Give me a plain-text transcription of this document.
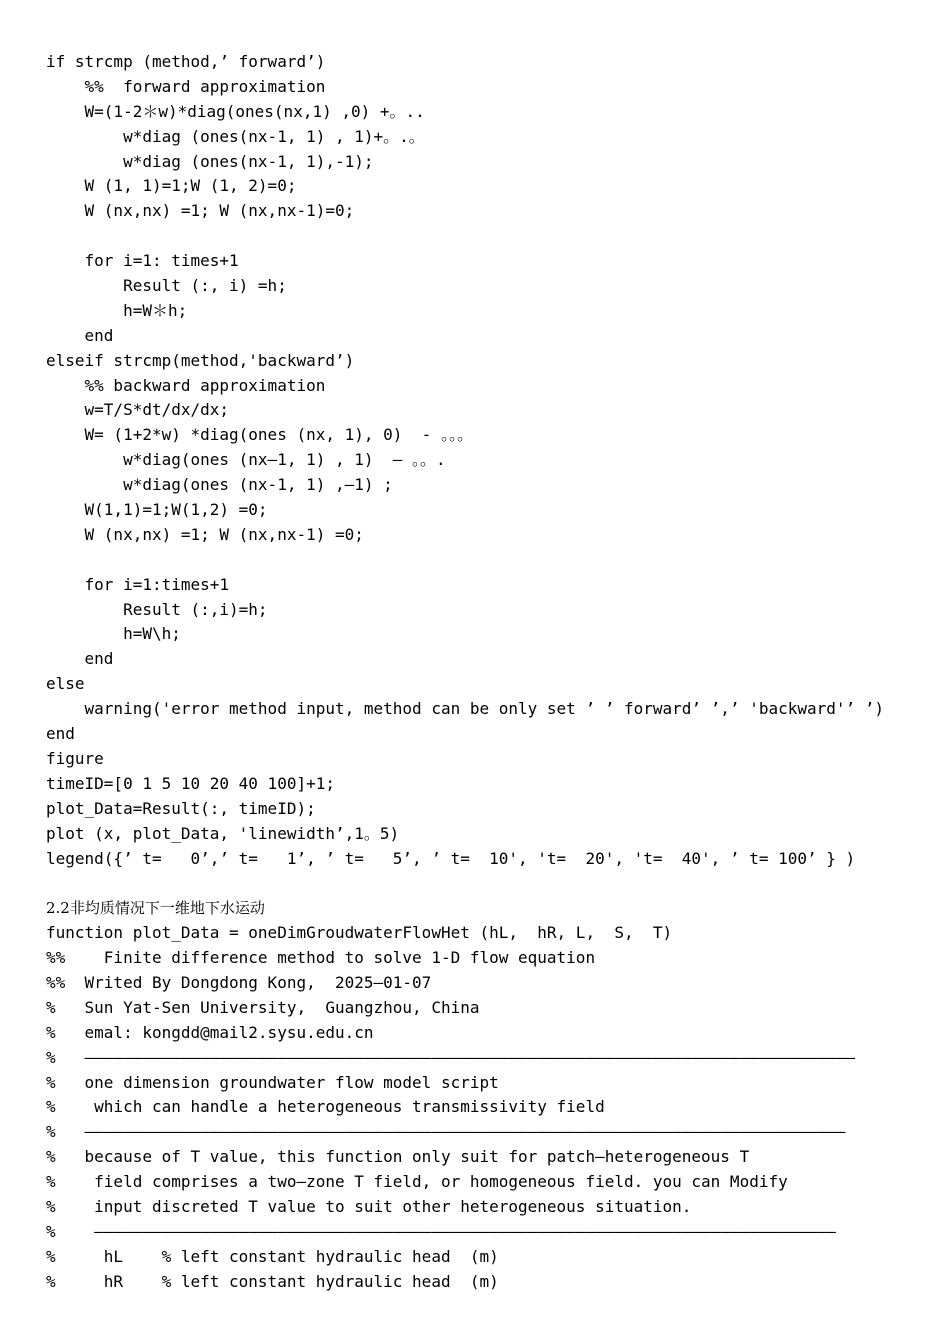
if strcmp (method,’ forward’)
%%  forward approximation
W=(1-2＊w)*diag(ones(nx,1) ,0) +。..
w*diag (ones(nx-1, 1) , 1)+。.。
w*diag (ones(nx-1, 1),-1);
W (1, 1)=1;W (1, 2)=0;
W (nx,nx) =1; W (nx,nx-1)=0;
for i=1: times+1
Result (:, i) =h;
h=W＊h;
end
elseif strcmp(method,'backward’)
%% backward approximation
w=T/S*dt/dx/dx;
W= (1+2*w) *diag(ones (nx, 1), 0)  - 。。。
w*diag(ones (nx—1, 1) , 1)  — 。。.
w*diag(ones (nx-1, 1) ,—1) ;
W(1,1)=1;W(1,2) =0;
W (nx,nx) =1; W (nx,nx-1) =0;
for i=1:times+1
Result (:,i)=h;
h=W\h;
end
else
warning('error method input, method can be only set ’ ’ forward’ ’,’ 'backward'’ ’)
end
figure
timeID=[0 1 5 10 20 40 100]+1;
plot_Data=Result(:, timeID);
plot (x, plot_Data, 'linewidth’,1。5)
legend({’ t=   0’,’ t=   1’, ’ t=   5’, ’ t=  10', 't=  20', 't=  40', ’ t= 100’ } )
2.2非均质情况下一维地下水运动
function plot_Data = oneDimGroudwaterFlowHet (hL,  hR, L,  S,  T)
%%    Finite difference method to solve 1-D flow equation
%%  Writed By Dongdong Kong,  2025—01-07
%   Sun Yat-Sen University,  Guangzhou, China
%   emal: kongdd@mail2.sysu.edu.cn
%   ————————————————————————————————————————————————————————————————————————————————
%   one dimension groundwater flow model script
%    which can handle a heterogeneous transmissivity field
%   ———————————————————————————————————————————————————————————————————————————————
%   because of T value, this function only suit for patch—heterogeneous T
%    field comprises a two—zone T field, or homogeneous field. you can Modify
%    input discreted T value to suit other heterogeneous situation.
%    —————————————————————————————————————————————————————————————————————————————
%     hL    % left constant hydraulic head  (m)
%     hR    % left constant hydraulic head  (m)
